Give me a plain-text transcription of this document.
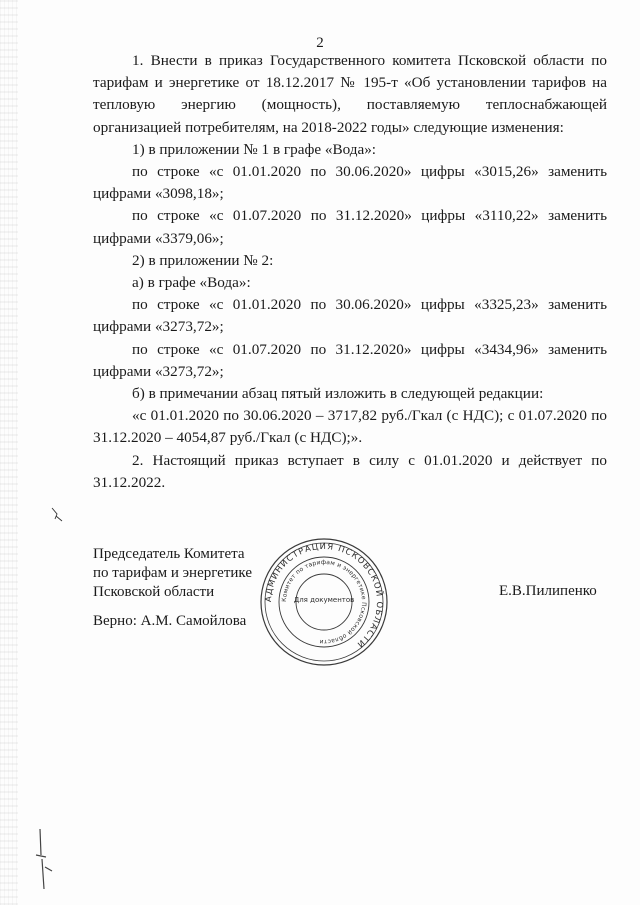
2

1. Внести в приказ Государственного комитета Псковской области по тарифам и энергетике от 18.12.2017 № 195-т «Об установлении тарифов на тепловую энергию (мощность), поставляемую теплоснабжающей организацией потребителям, на 2018-2022 годы» следующие изменения:

1) в приложении № 1 в графе «Вода»:

по строке «с 01.01.2020 по 30.06.2020» цифры «3015,26» заменить цифрами «3098,18»;

по строке «с 01.07.2020 по 31.12.2020» цифры «3110,22» заменить цифрами «3379,06»;

2) в приложении № 2:

а) в графе «Вода»:

по строке «с 01.01.2020 по 30.06.2020» цифры «3325,23» заменить цифрами «3273,72»;

по строке «с 01.07.2020 по 31.12.2020» цифры «3434,96» заменить цифрами «3273,72»;

б) в примечании абзац пятый изложить в следующей редакции:

«с 01.01.2020 по 30.06.2020 – 3717,82 руб./Гкал (с НДС); с 01.07.2020 по 31.12.2020 – 4054,87 руб./Гкал (с НДС);».

2. Настоящий приказ вступает в силу с 01.01.2020 и действует по 31.12.2022.

Председатель Комитета
по тарифам и энергетике
Псковской области	Е.В.Пилипенко
Верно: А.М. Самойлова
АДМИНИСТРАЦИЯ ПСКОВСКОЙ ОБЛАСТИ
Комитет по тарифам и энергетике Псковской области
Для документов
